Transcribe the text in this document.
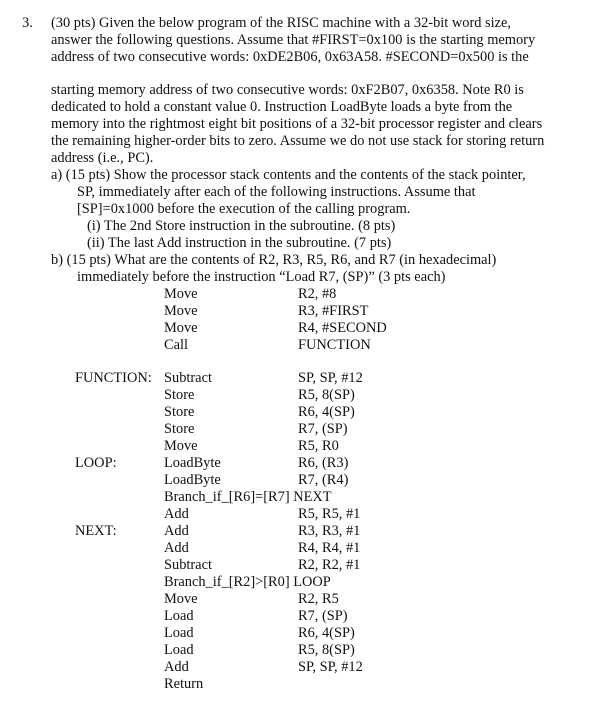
3. (30 pts) Given the below program of the RISC machine with a 32-bit word size,
answer the following questions. Assume that #FIRST=0x100 is the starting memory
address of two consecutive words: 0xDE2B06, 0x63A58. #SECOND=0x500 is the
starting memory address of two consecutive words: 0xF2B07, 0x6358. Note R0 is
dedicated to hold a constant value 0. Instruction LoadByte loads a byte from the
memory into the rightmost eight bit positions of a 32-bit processor register and clears
the remaining higher-order bits to zero. Assume we do not use stack for storing return
address (i.e., PC).
a) (15 pts) Show the processor stack contents and the contents of the stack pointer,
SP, immediately after each of the following instructions. Assume that
[SP]=0x1000 before the execution of the calling program.
(i) The 2nd Store instruction in the subroutine. (8 pts)
(ii) The last Add instruction in the subroutine. (7 pts)
b) (15 pts) What are the contents of R2, R3, R5, R6, and R7 (in hexadecimal)
immediately before the instruction “Load R7, (SP)” (3 pts each)
Move	R2, #8
Move	R3, #FIRST
Move	R4, #SECOND
Call	FUNCTION
FUNCTION: Subtract	SP, SP, #12
Store	R5, 8(SP)
Store	R6, 4(SP)
Store	R7, (SP)
Move	R5, R0
LOOP:	LoadByte	R6, (R3)
LoadByte	R7, (R4)
Branch_if_[R6]=[R7] NEXT
Add	R5, R5, #1
NEXT:	Add	R3, R3, #1
Add	R4, R4, #1
Subtract	R2, R2, #1
Branch_if_[R2]>[R0] LOOP
Move	R2, R5
Load	R7, (SP)
Load	R6, 4(SP)
Load	R5, 8(SP)
Add	SP, SP, #12
Return
